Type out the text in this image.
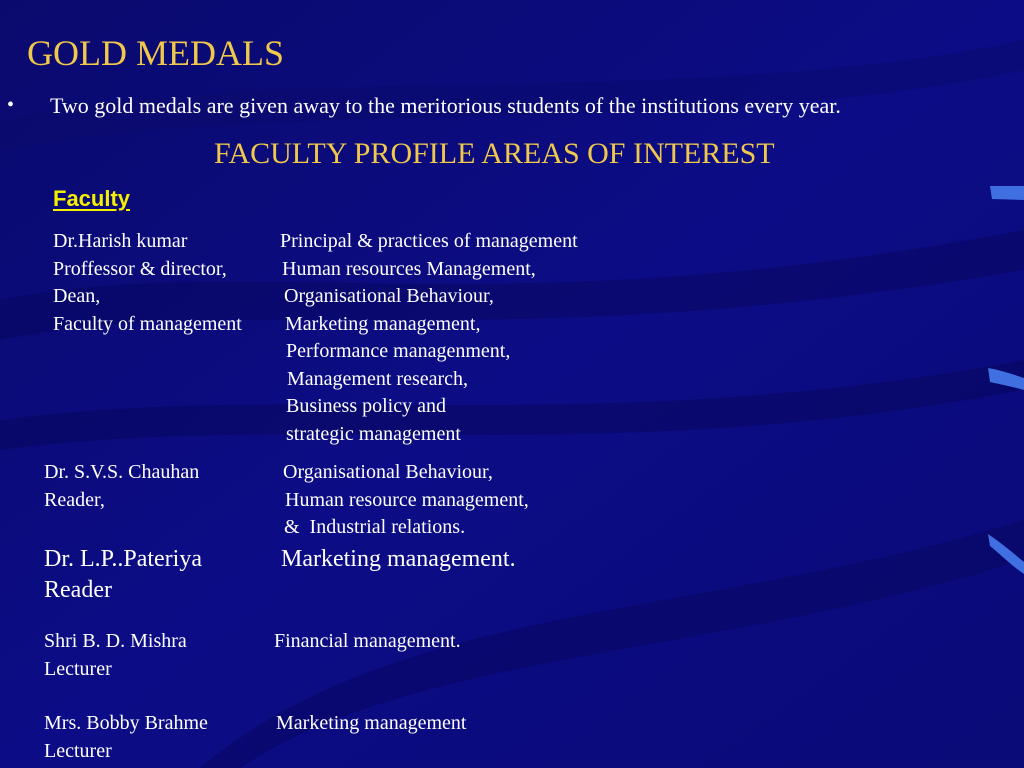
GOLD MEDALS

• Two gold medals are given away to the meritorious students of the institutions every year.

FACULTY PROFILE AREAS OF INTEREST

Faculty

Dr.Harish kumar
Proffessor & director,
Dean,
Faculty of management
Principal & practices of management
Human resources Management,
Organisational Behaviour,
Marketing management,
Performance managenment,
Management research,
Business policy and
strategic management
Dr. S.V.S. Chauhan
Reader,
Organisational Behaviour,
Human resource management,
&  Industrial relations.
Dr. L.P..Pateriya
Reader
Marketing management.
Shri B. D. Mishra
Lecturer
Financial management.
Mrs. Bobby Brahme
Lecturer
Marketing management
